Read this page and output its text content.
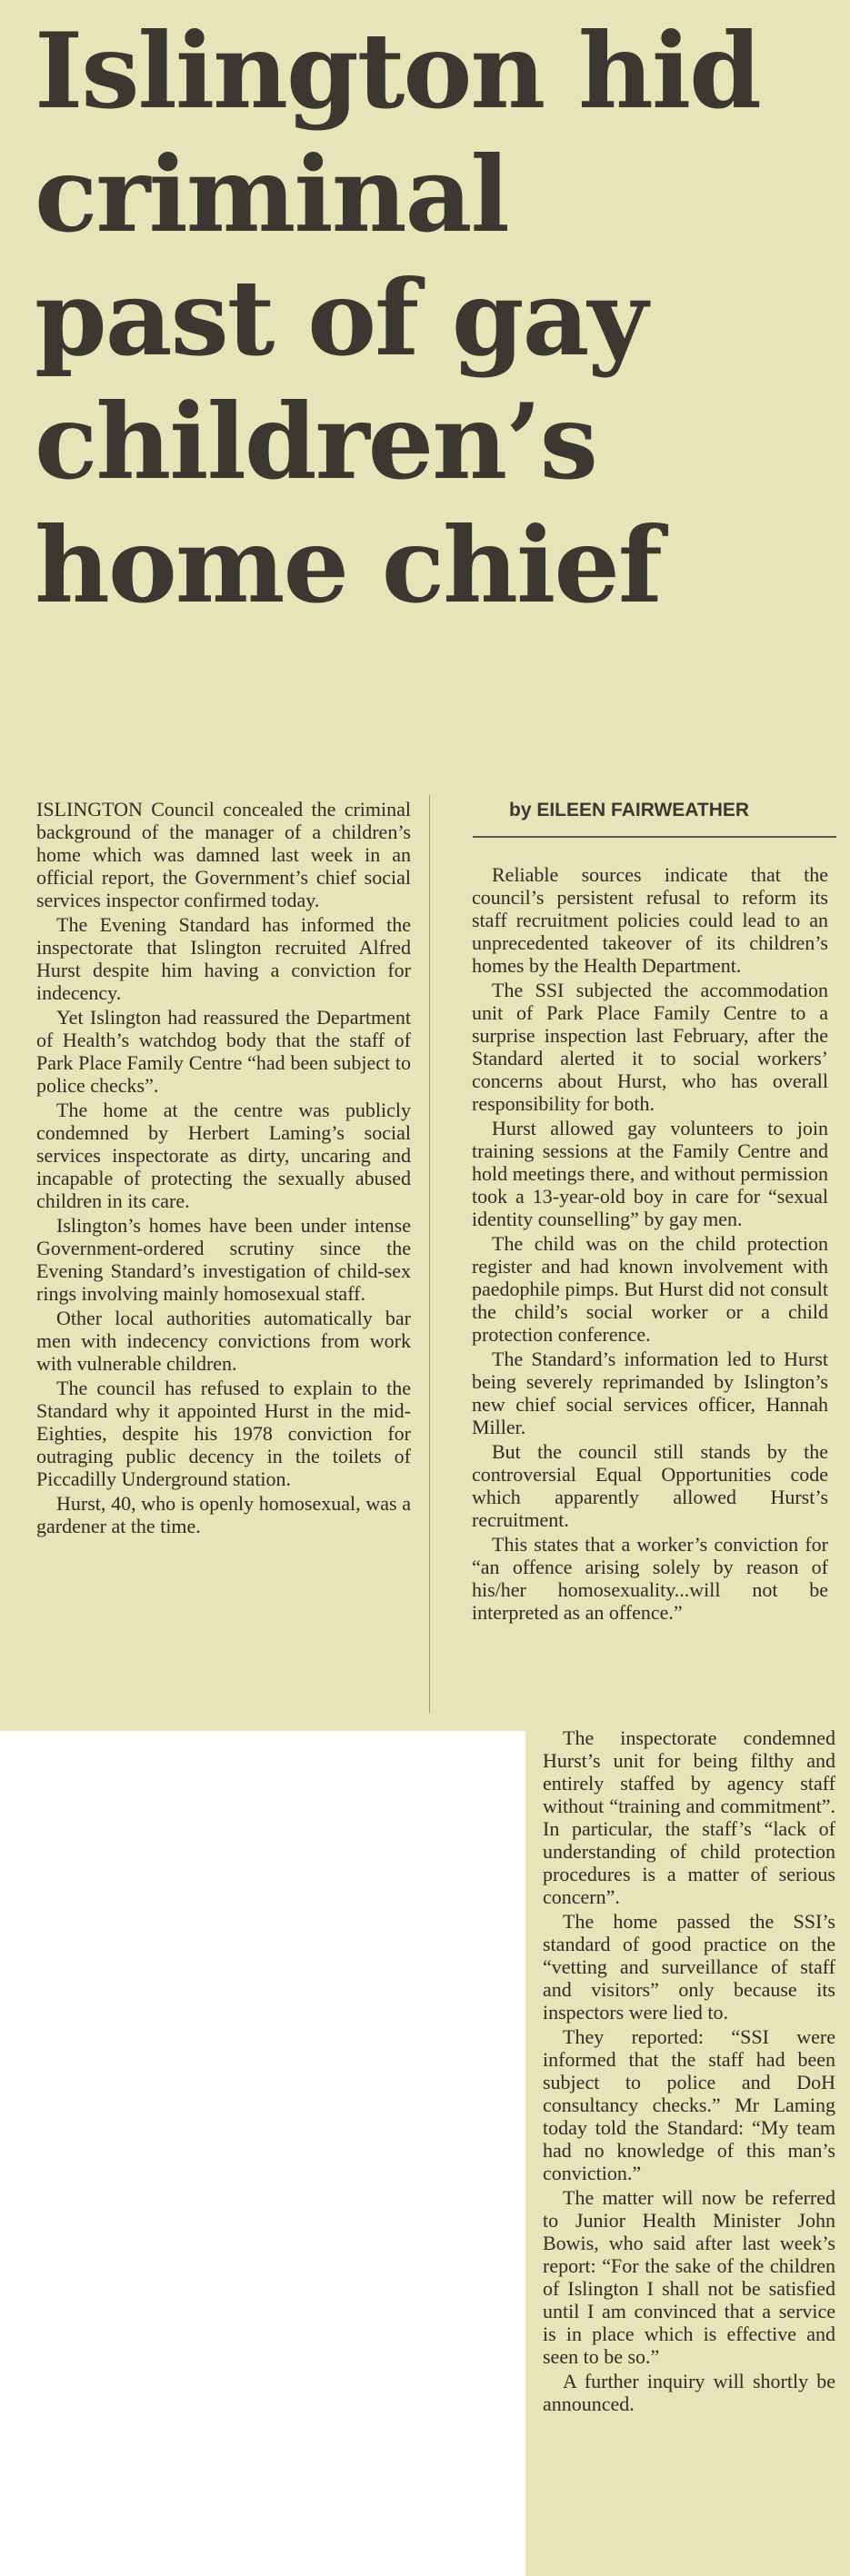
Islington hid
criminal
past of gay
children’s
home chief
by EILEEN FAIRWEATHER

ISLINGTON Council concealed the criminal background of the manager of a children’s home which was damned last week in an official report, the Government’s chief social services inspector confirmed today.

The Evening Standard has informed the inspectorate that Islington recruited Alfred Hurst despite him having a conviction for indecency.

Yet Islington had reassured the Department of Health’s watchdog body that the staff of Park Place Family Centre “had been subject to police checks”.

The home at the centre was publicly condemned by Herbert Laming’s social services inspectorate as dirty, uncaring and incapable of protecting the sexually abused children in its care.

Islington’s homes have been under intense Government-ordered scrutiny since the Evening Standard’s investigation of child-sex rings involving mainly homosexual staff.

Other local authorities automatically bar men with indecency convictions from work with vulnerable children.

The council has refused to explain to the Standard why it appointed Hurst in the mid-Eighties, despite his 1978 conviction for outraging public decency in the toilets of Piccadilly Underground station.

Hurst, 40, who is openly homosexual, was a gardener at the time.

Reliable sources indicate that the council’s persistent refusal to reform its staff recruitment policies could lead to an unprecedented takeover of its children’s homes by the Health Department.

The SSI subjected the accommodation unit of Park Place Family Centre to a surprise inspection last February, after the Standard alerted it to social workers’ concerns about Hurst, who has overall responsibility for both.

Hurst allowed gay volunteers to join training sessions at the Family Centre and hold meetings there, and without permission took a 13-year-old boy in care for “sexual identity counselling” by gay men.

The child was on the child protection register and had known involvement with paedophile pimps. But Hurst did not consult the child’s social worker or a child protection conference.

The Standard’s information led to Hurst being severely reprimanded by Islington’s new chief social services officer, Hannah Miller.

But the council still stands by the controversial Equal Opportunities code which apparently allowed Hurst’s recruitment.

This states that a worker’s conviction for “an offence arising solely by reason of his/her homosexuality...will not be interpreted as an offence.”

The inspectorate condemned Hurst’s unit for being filthy and entirely staffed by agency staff without “training and commitment”. In particular, the staff’s “lack of understanding of child protection procedures is a matter of serious concern”.

The home passed the SSI’s standard of good practice on the “vetting and surveillance of staff and visitors” only because its inspectors were lied to.

They reported: “SSI were informed that the staff had been subject to police and DoH consultancy checks.” Mr Laming today told the Standard: “My team had no knowledge of this man’s conviction.”

The matter will now be referred to Junior Health Minister John Bowis, who said after last week’s report: “For the sake of the children of Islington I shall not be satisfied until I am convinced that a service is in place which is effective and seen to be so.”

A further inquiry will shortly be announced.
